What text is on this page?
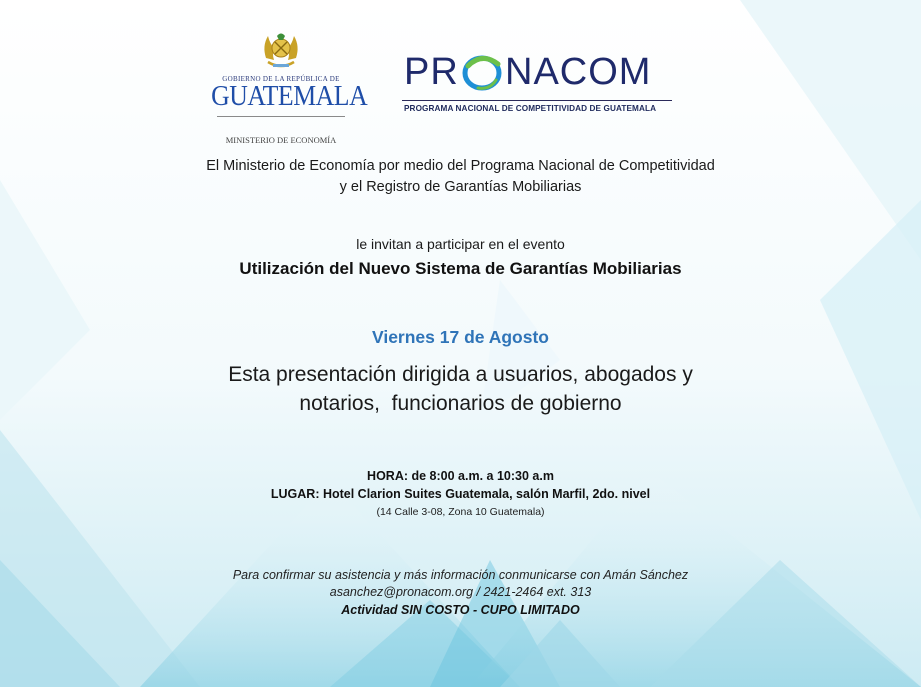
GOBIERNO DE LA REPÚBLICA DE
GUATEMALA
MINISTERIO DE ECONOMÍA
PR NACOM
PROGRAMA NACIONAL DE COMPETITIVIDAD DE GUATEMALA
El Ministerio de Economía por medio del Programa Nacional de Competitividad
y el Registro de Garantías Mobiliarias
le invitan a participar en el evento
Utilización del Nuevo Sistema de Garantías Mobiliarias
Viernes 17 de Agosto
Esta presentación dirigida a usuarios, abogados y
notarios,  funcionarios de gobierno
HORA: de 8:00 a.m. a 10:30 a.m
LUGAR: Hotel Clarion Suites Guatemala, salón Marfil, 2do. nivel
(14 Calle 3-08, Zona 10 Guatemala)
Para confirmar su asistencia y más información conmunicarse con Amán Sánchez
asanchez@pronacom.org / 2421-2464 ext. 313
Actividad SIN COSTO - CUPO LIMITADO
